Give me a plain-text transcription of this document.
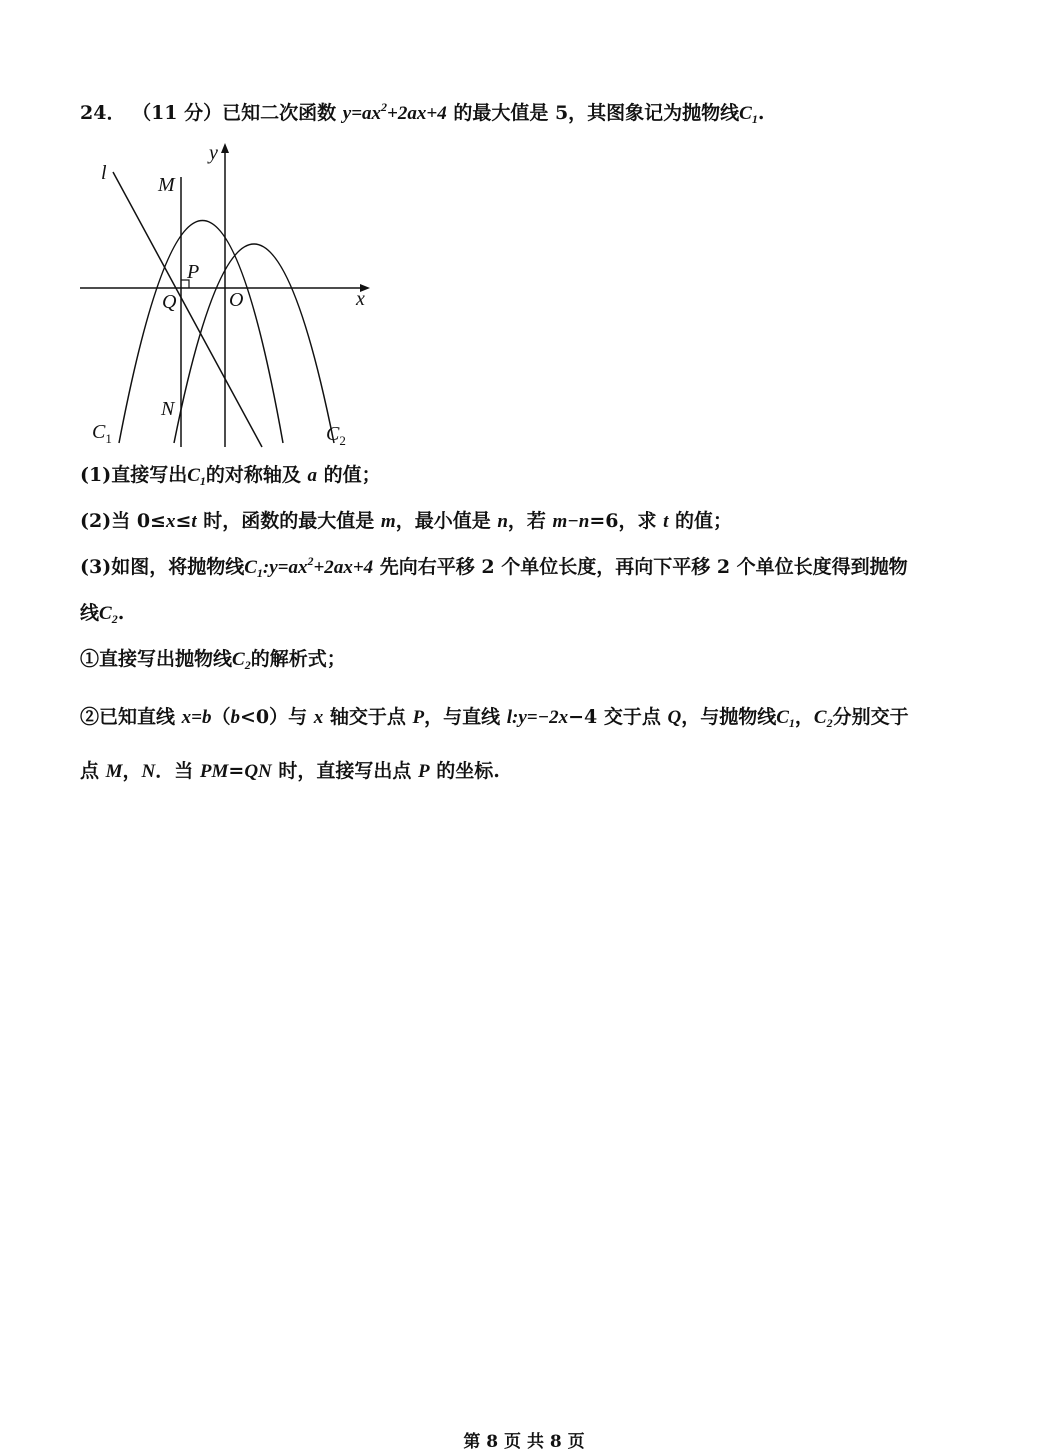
24． （11 分）已知二次函数 $y=ax^2+2ax+4$ 的最大值是 5，其图象记为抛物线$C_1$.
l
y
M
P
Q	O	x
N
$C_1$	$C_2$
(1)直接写出$C_1$的对称轴及 a 的值；
(2)当 0≤x≤t 时，函数的最大值是 m，最小值是 n，若 m−n=6，求 t 的值；
(3)如图，将抛物线$C_1:y=ax^2+2ax+4$ 先向右平移 2 个单位长度，再向下平移 2 个单位长度得到抛物
线$C_2$.
①直接写出抛物线$C_2$的解析式；
②已知直线 x=b（b<0）与 x 轴交于点 P，与直线 l:y=−2x−4 交于点 Q，与抛物线$C_1$，$C_2$分别交于
点 M，N．当 PM=QN 时，直接写出点 P 的坐标.
第 8 页 共 8 页
